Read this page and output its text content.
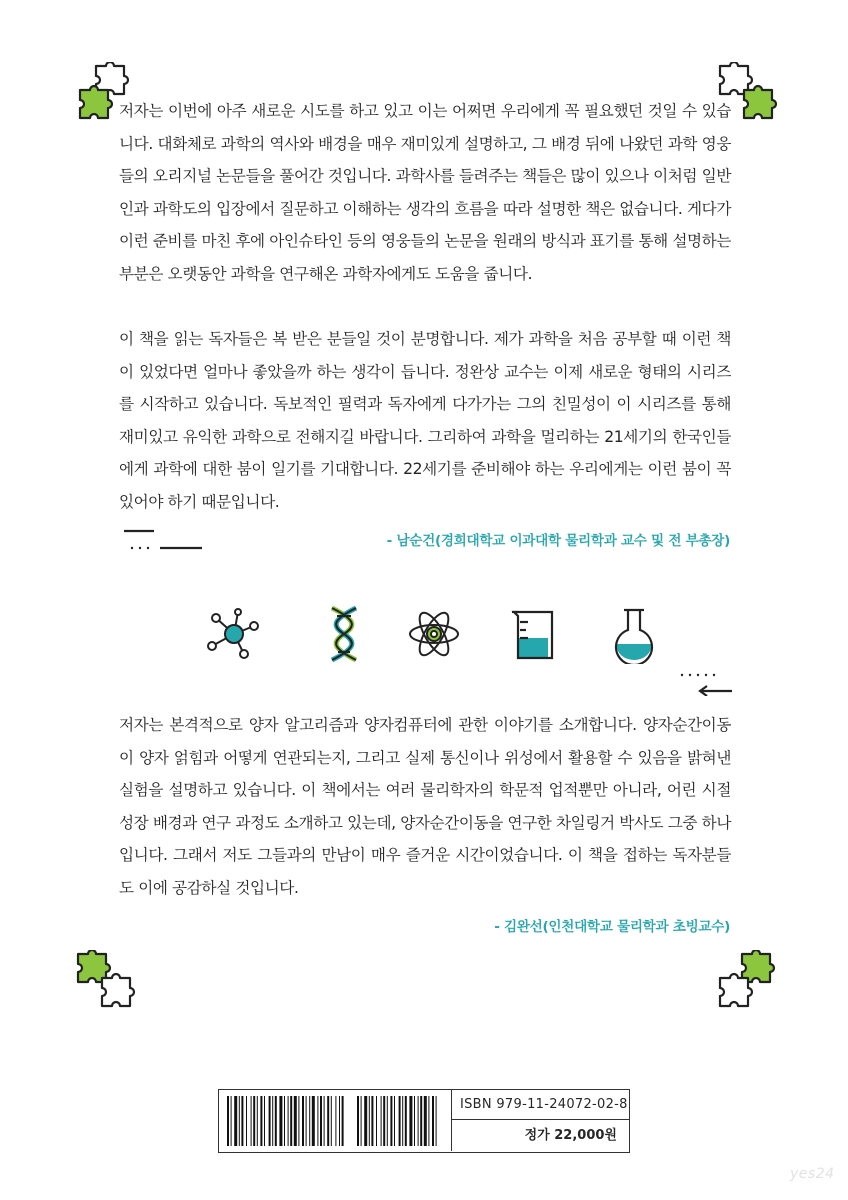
저자는 이번에 아주 새로운 시도를 하고 있고 이는 어쩌면 우리에게 꼭 필요했던 것일 수 있습니다. 대화체로 과학의 역사와 배경을 매우 재미있게 설명하고, 그 배경 뒤에 나왔던 과학 영웅들의 오리지널 논문들을 풀어간 것입니다. 과학사를 들려주는 책들은 많이 있으나 이처럼 일반인과 과학도의 입장에서 질문하고 이해하는 생각의 흐름을 따라 설명한 책은 없습니다. 게다가 이런 준비를 마친 후에 아인슈타인 등의 영웅들의 논문을 원래의 방식과 표기를 통해 설명하는 부분은 오랫동안 과학을 연구해온 과학자에게도 도움을 줍니다.

이 책을 읽는 독자들은 복 받은 분들일 것이 분명합니다. 제가 과학을 처음 공부할 때 이런 책이 있었다면 얼마나 좋았을까 하는 생각이 듭니다. 정완상 교수는 이제 새로운 형태의 시리즈를 시작하고 있습니다. 독보적인 필력과 독자에게 다가가는 그의 친밀성이 이 시리즈를 통해 재미있고 유익한 과학으로 전해지길 바랍니다. 그리하여 과학을 멀리하는 21세기의 한국인들에게 과학에 대한 붐이 일기를 기대합니다. 22세기를 준비해야 하는 우리에게는 이런 붐이 꼭 있어야 하기 때문입니다.

- 남순건(경희대학교 이과대학 물리학과 교수 및 전 부총장)

저자는 본격적으로 양자 알고리즘과 양자컴퓨터에 관한 이야기를 소개합니다. 양자순간이동이 양자 얽힘과 어떻게 연관되는지, 그리고 실제 통신이나 위성에서 활용할 수 있음을 밝혀낸 실험을 설명하고 있습니다. 이 책에서는 여러 물리학자의 학문적 업적뿐만 아니라, 어린 시절 성장 배경과 연구 과정도 소개하고 있는데, 양자순간이동을 연구한 차일링거 박사도 그중 하나입니다. 그래서 저도 그들과의 만남이 매우 즐거운 시간이었습니다. 이 책을 접하는 독자분들도 이에 공감하실 것입니다.

- 김완선(인천대학교 물리학과 초빙교수)
ISBN 979-11-24072-02-8
정가 22,000원
yes24
